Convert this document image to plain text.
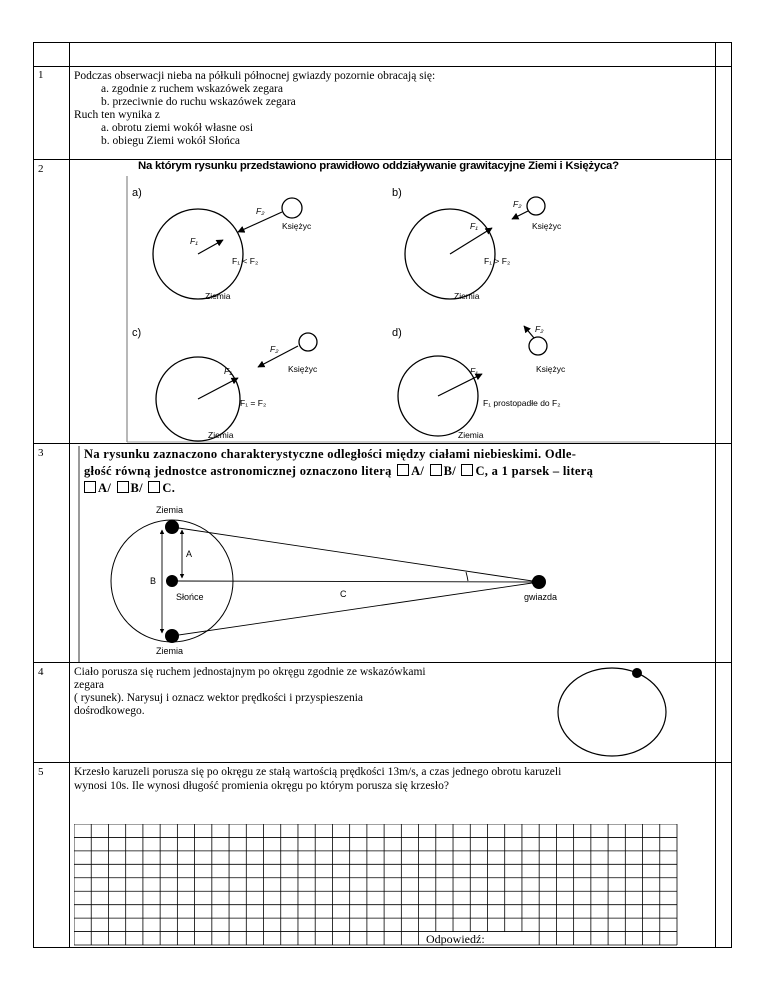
1
2
3
4
5
Podczas obserwacji nieba na półkuli północnej gwiazdy pozornie obracają się:
a. zgodnie z ruchem wskazówek zegara
b. przeciwnie do ruchu wskazówek zegara
Ruch ten wynika z
a. obrotu ziemi wokół własne osi
b. obiegu Ziemi wokół Słońca
Na którym rysunku przedstawiono prawidłowo oddziaływanie grawitacyjne Ziemi i Księżyca?
a)
F₁
F₂
Księżyc
F₁ < F₂
Ziemia
b)
F₁
F₂
Księżyc
F₁ > F₂
Ziemia
c)
F₁
F₂
Księżyc
F₁ = F₂
Ziemia
d)
F₁
F₂
Księżyc
F₁ prostopadłe do F₂
Ziemia
Na rysunku zaznaczono charakterystyczne odległości między ciałami niebieskimi. Odle-
głość równą jednostce astronomicznej oznaczono literą A/ B/ C, a 1 parsek – literą
A/ B/ C.
Ziemia
Ziemia
Słońce	gwiazda
A
B
C
Ciało porusza się ruchem jednostajnym po okręgu zgodnie ze wskazówkami
zegara
( rysunek). Narysuj i oznacz wektor prędkości i przyspieszenia
dośrodkowego.
Krzesło karuzeli porusza się po okręgu ze stałą wartością prędkości 13m/s, a czas jednego obrotu karuzeli
wynosi 10s. Ile wynosi długość promienia okręgu po którym porusza się krzesło?
Odpowiedź:
